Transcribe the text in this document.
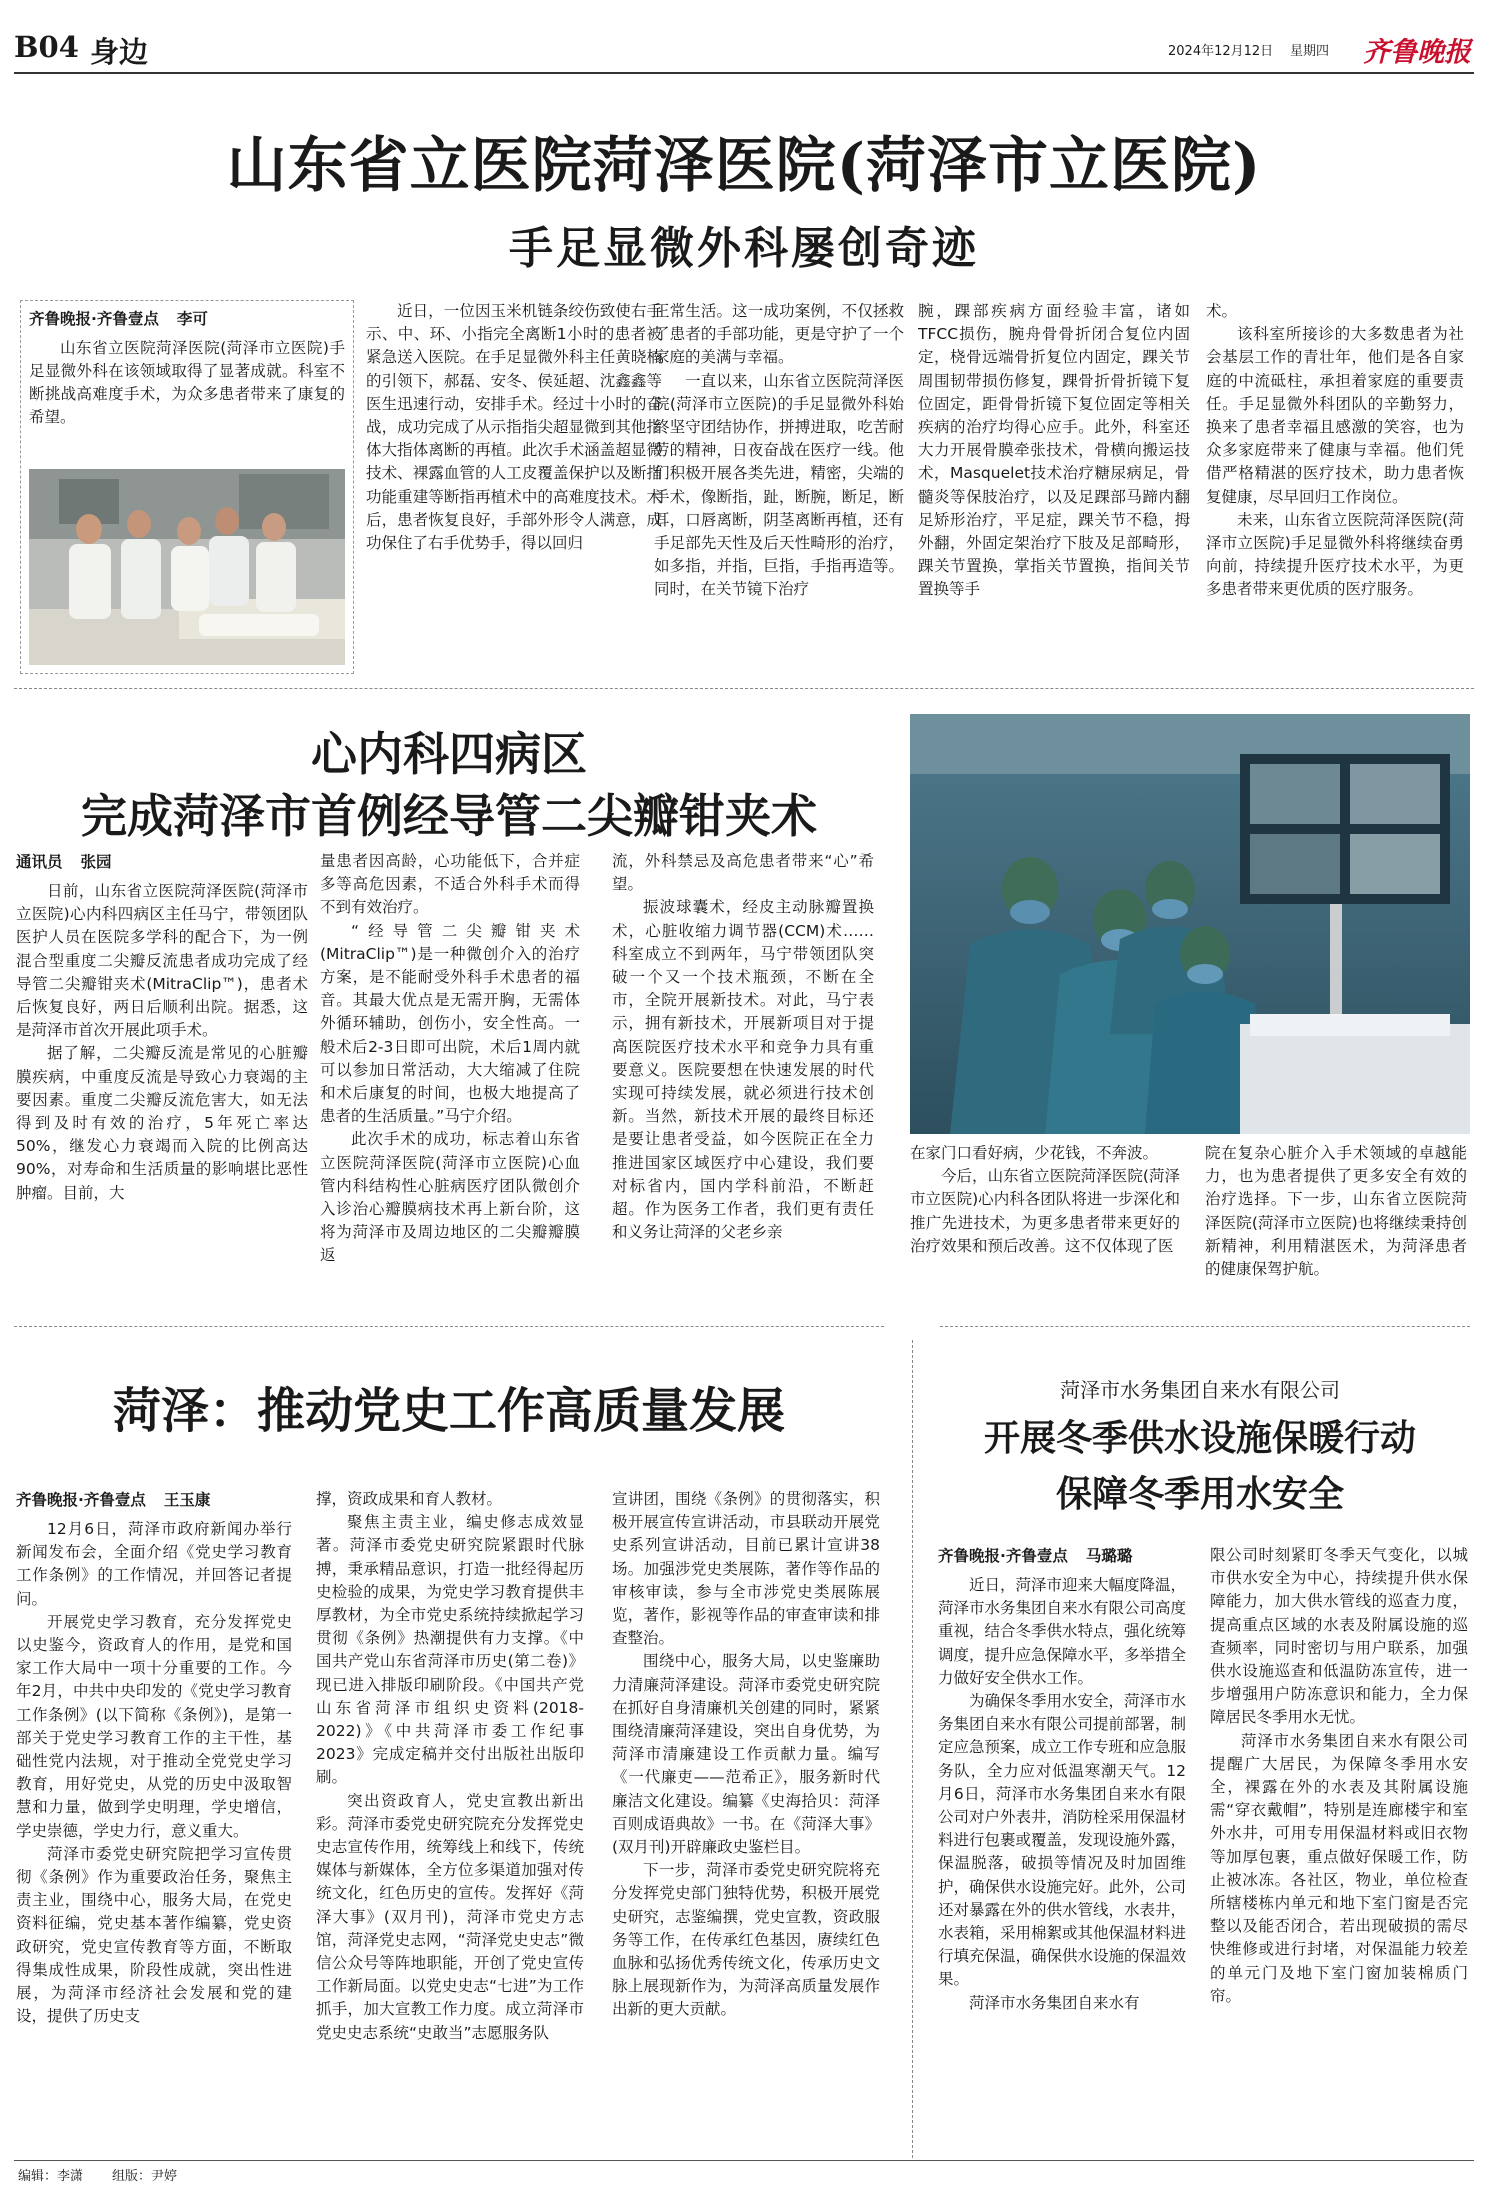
B04 身边	2024年12月12日 星期四 齐鲁晚报
山东省立医院菏泽医院(菏泽市立医院)
手足显微外科屡创奇迹
齐鲁晚报·齐鲁壹点 李可
山东省立医院菏泽医院(菏泽市立医院)手足显微外科在该领域取得了显著成就。科室不断挑战高难度手术，为众多患者带来了康复的希望。

近日，一位因玉米机链条绞伤致使右手示、中、环、小指完全离断1小时的患者被紧急送入医院。在手足显微外科主任黄晓楠的引领下，郝磊、安冬、侯延超、沈鑫鑫等医生迅速行动，安排手术。经过十小时的奋战，成功完成了从示指指尖超显微到其他指体大指体离断的再植。此次手术涵盖超显微技术、裸露血管的人工皮覆盖保护以及断指功能重建等断指再植术中的高难度技术。术后，患者恢复良好，手部外形令人满意，成功保住了右手优势手，得以回归

正常生活。这一成功案例，不仅拯救了患者的手部功能，更是守护了一个家庭的美满与幸福。

一直以来，山东省立医院菏泽医院(菏泽市立医院)的手足显微外科始终坚守团结协作，拼搏进取，吃苦耐劳的精神，日夜奋战在医疗一线。他们积极开展各类先进，精密，尖端的手术，像断指，趾，断腕，断足，断耳，口唇离断，阴茎离断再植，还有手足部先天性及后天性畸形的治疗，如多指，并指，巨指，手指再造等。同时，在关节镜下治疗

腕，踝部疾病方面经验丰富，诸如TFCC损伤，腕舟骨骨折闭合复位内固定，桡骨远端骨折复位内固定，踝关节周围韧带损伤修复，踝骨折骨折镜下复位固定，距骨骨折镜下复位固定等相关疾病的治疗均得心应手。此外，科室还大力开展骨膜牵张技术，骨横向搬运技术，Masquelet技术治疗糖尿病足，骨髓炎等保肢治疗，以及足踝部马蹄内翻足矫形治疗，平足症，踝关节不稳，拇外翻，外固定架治疗下肢及足部畸形，踝关节置换，掌指关节置换，指间关节置换等手

术。

该科室所接诊的大多数患者为社会基层工作的青壮年，他们是各自家庭的中流砥柱，承担着家庭的重要责任。手足显微外科团队的辛勤努力，换来了患者幸福且感激的笑容，也为众多家庭带来了健康与幸福。他们凭借严格精湛的医疗技术，助力患者恢复健康，尽早回归工作岗位。

未来，山东省立医院菏泽医院(菏泽市立医院)手足显微外科将继续奋勇向前，持续提升医疗技术水平，为更多患者带来更优质的医疗服务。

心内科四病区
完成菏泽市首例经导管二尖瓣钳夹术
通讯员 张园

日前，山东省立医院菏泽医院(菏泽市立医院)心内科四病区主任马宁，带领团队医护人员在医院多学科的配合下，为一例混合型重度二尖瓣反流患者成功完成了经导管二尖瓣钳夹术(MitraClip™)，患者术后恢复良好，两日后顺利出院。据悉，这是菏泽市首次开展此项手术。

据了解，二尖瓣反流是常见的心脏瓣膜疾病，中重度反流是导致心力衰竭的主要因素。重度二尖瓣反流危害大，如无法得到及时有效的治疗，5年死亡率达50%，继发心力衰竭而入院的比例高达90%，对寿命和生活质量的影响堪比恶性肿瘤。目前，大

量患者因高龄，心功能低下，合并症多等高危因素，不适合外科手术而得不到有效治疗。

“经导管二尖瓣钳夹术(MitraClip™)是一种微创介入的治疗方案，是不能耐受外科手术患者的福音。其最大优点是无需开胸，无需体外循环辅助，创伤小，安全性高。一般术后2-3日即可出院，术后1周内就可以参加日常活动，大大缩减了住院和术后康复的时间，也极大地提高了患者的生活质量。”马宁介绍。

此次手术的成功，标志着山东省立医院菏泽医院(菏泽市立医院)心血管内科结构性心脏病医疗团队微创介入诊治心瓣膜病技术再上新台阶，这将为菏泽市及周边地区的二尖瓣瓣膜返

流，外科禁忌及高危患者带来“心”希望。

振波球囊术，经皮主动脉瓣置换术，心脏收缩力调节器(CCM)术……科室成立不到两年，马宁带领团队突破一个又一个技术瓶颈，不断在全市，全院开展新技术。对此，马宁表示，拥有新技术，开展新项目对于提高医院医疗技术水平和竞争力具有重要意义。医院要想在快速发展的时代实现可持续发展，就必须进行技术创新。当然，新技术开展的最终目标还是要让患者受益，如今医院正在全力推进国家区域医疗中心建设，我们要对标省内，国内学科前沿，不断赶超。作为医务工作者，我们更有责任和义务让菏泽的父老乡亲

在家门口看好病，少花钱，不奔波。

今后，山东省立医院菏泽医院(菏泽市立医院)心内科各团队将进一步深化和推广先进技术，为更多患者带来更好的治疗效果和预后改善。这不仅体现了医

院在复杂心脏介入手术领域的卓越能力，也为患者提供了更多安全有效的治疗选择。下一步，山东省立医院菏泽医院(菏泽市立医院)也将继续秉持创新精神，利用精湛医术，为菏泽患者的健康保驾护航。

菏泽：推动党史工作高质量发展
齐鲁晚报·齐鲁壹点 王玉康

12月6日，菏泽市政府新闻办举行新闻发布会，全面介绍《党史学习教育工作条例》的工作情况，并回答记者提问。

开展党史学习教育，充分发挥党史以史鉴今，资政育人的作用，是党和国家工作大局中一项十分重要的工作。今年2月，中共中央印发的《党史学习教育工作条例》(以下简称《条例》)，是第一部关于党史学习教育工作的主干性，基础性党内法规，对于推动全党党史学习教育，用好党史，从党的历史中汲取智慧和力量，做到学史明理，学史增信，学史崇德，学史力行，意义重大。

菏泽市委党史研究院把学习宣传贯彻《条例》作为重要政治任务，聚焦主责主业，围绕中心，服务大局，在党史资料征编，党史基本著作编纂，党史资政研究，党史宣传教育等方面，不断取得集成性成果，阶段性成就，突出性进展，为菏泽市经济社会发展和党的建设，提供了历史支

撑，资政成果和育人教材。

聚焦主责主业，编史修志成效显著。菏泽市委党史研究院紧跟时代脉搏，秉承精品意识，打造一批经得起历史检验的成果，为党史学习教育提供丰厚教材，为全市党史系统持续掀起学习贯彻《条例》热潮提供有力支撑。《中国共产党山东省菏泽市历史(第二卷)》现已进入排版印刷阶段。《中国共产党山东省菏泽市组织史资料(2018-2022)》《中共菏泽市委工作纪事2023》完成定稿并交付出版社出版印刷。

突出资政育人，党史宣教出新出彩。菏泽市委党史研究院充分发挥党史史志宣传作用，统筹线上和线下，传统媒体与新媒体，全方位多渠道加强对传统文化，红色历史的宣传。发挥好《菏泽大事》(双月刊)，菏泽市党史方志馆，菏泽党史志网，“菏泽党史史志”微信公众号等阵地职能，开创了党史宣传工作新局面。以党史史志“七进”为工作抓手，加大宣教工作力度。成立菏泽市党史史志系统“史敢当”志愿服务队

宣讲团，围绕《条例》的贯彻落实，积极开展宣传宣讲活动，市县联动开展党史系列宣讲活动，目前已累计宣讲38场。加强涉党史类展陈，著作等作品的审核审读，参与全市涉党史类展陈展览，著作，影视等作品的审查审读和排查整治。

围绕中心，服务大局，以史鉴廉助力清廉菏泽建设。菏泽市委党史研究院在抓好自身清廉机关创建的同时，紧紧围绕清廉菏泽建设，突出自身优势，为菏泽市清廉建设工作贡献力量。编写《一代廉吏——范希正》，服务新时代廉洁文化建设。编纂《史海拾贝：菏泽百则成语典故》一书。在《菏泽大事》(双月刊)开辟廉政史鉴栏目。

下一步，菏泽市委党史研究院将充分发挥党史部门独特优势，积极开展党史研究，志鉴编撰，党史宣教，资政服务等工作，在传承红色基因，赓续红色血脉和弘扬优秀传统文化，传承历史文脉上展现新作为，为菏泽高质量发展作出新的更大贡献。

菏泽市水务集团自来水有限公司
开展冬季供水设施保暖行动
保障冬季用水安全
齐鲁晚报·齐鲁壹点 马璐璐

近日，菏泽市迎来大幅度降温，菏泽市水务集团自来水有限公司高度重视，结合冬季供水特点，强化统筹调度，提升应急保障水平，多举措全力做好安全供水工作。

为确保冬季用水安全，菏泽市水务集团自来水有限公司提前部署，制定应急预案，成立工作专班和应急服务队，全力应对低温寒潮天气。12月6日，菏泽市水务集团自来水有限公司对户外表井，消防栓采用保温材料进行包裹或覆盖，发现设施外露，保温脱落，破损等情况及时加固维护，确保供水设施完好。此外，公司还对暴露在外的供水管线，水表井，水表箱，采用棉絮或其他保温材料进行填充保温，确保供水设施的保温效果。

菏泽市水务集团自来水有

限公司时刻紧盯冬季天气变化，以城市供水安全为中心，持续提升供水保障能力，加大供水管线的巡查力度，提高重点区域的水表及附属设施的巡查频率，同时密切与用户联系，加强供水设施巡查和低温防冻宣传，进一步增强用户防冻意识和能力，全力保障居民冬季用水无忧。

菏泽市水务集团自来水有限公司提醒广大居民，为保障冬季用水安全，裸露在外的水表及其附属设施需“穿衣戴帽”，特别是连廊楼宇和室外水井，可用专用保温材料或旧衣物等加厚包裹，重点做好保暖工作，防止被冰冻。各社区，物业，单位检查所辖楼栋内单元和地下室门窗是否完整以及能否闭合，若出现破损的需尽快维修或进行封堵，对保温能力较差的单元门及地下室门窗加装棉质门帘。

编辑：李潇 组版：尹婷
